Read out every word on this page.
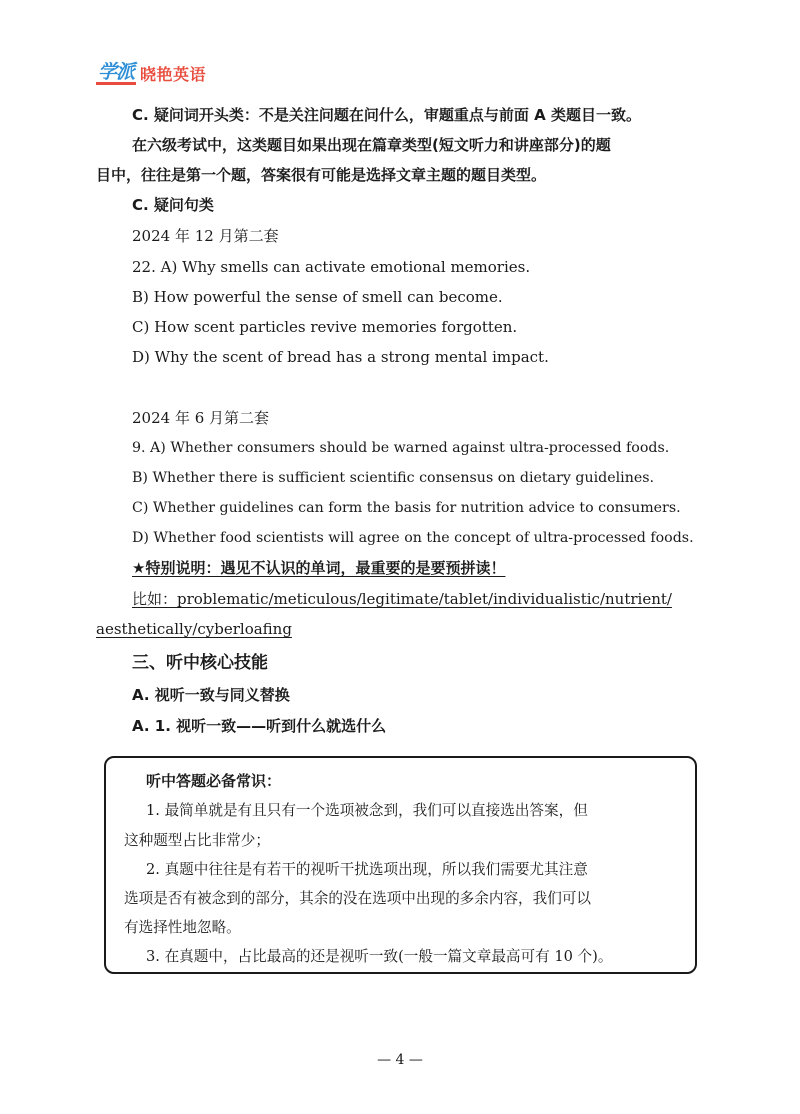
学派 晓艳英语
C. 疑问词开头类：不是关注问题在问什么，审题重点与前面 A 类题目一致。
在六级考试中，这类题目如果出现在篇章类型(短文听力和讲座部分)的题
目中，往往是第一个题，答案很有可能是选择文章主题的题目类型。
C. 疑问句类
2024 年 12 月第二套
22. A) Why smells can activate emotional memories.
B) How powerful the sense of smell can become.
C) How scent particles revive memories forgotten.
D) Why the scent of bread has a strong mental impact.
2024 年 6 月第二套
9. A) Whether consumers should be warned against ultra-processed foods.
B) Whether there is sufficient scientific consensus on dietary guidelines.
C) Whether guidelines can form the basis for nutrition advice to consumers.
D) Whether food scientists will agree on the concept of ultra-processed foods.
★特别说明：遇见不认识的单词，最重要的是要预拼读！
比如：problematic/meticulous/legitimate/tablet/individualistic/nutrient/
aesthetically/cyberloafing
三、听中核心技能
A. 视听一致与同义替换
A. 1. 视听一致——听到什么就选什么
听中答题必备常识：
1. 最简单就是有且只有一个选项被念到，我们可以直接选出答案，但
这种题型占比非常少；
2. 真题中往往是有若干的视听干扰选项出现，所以我们需要尤其注意
选项是否有被念到的部分，其余的没在选项中出现的多余内容，我们可以
有选择性地忽略。
3. 在真题中，占比最高的还是视听一致(一般一篇文章最高可有 10 个)。
— 4 —
